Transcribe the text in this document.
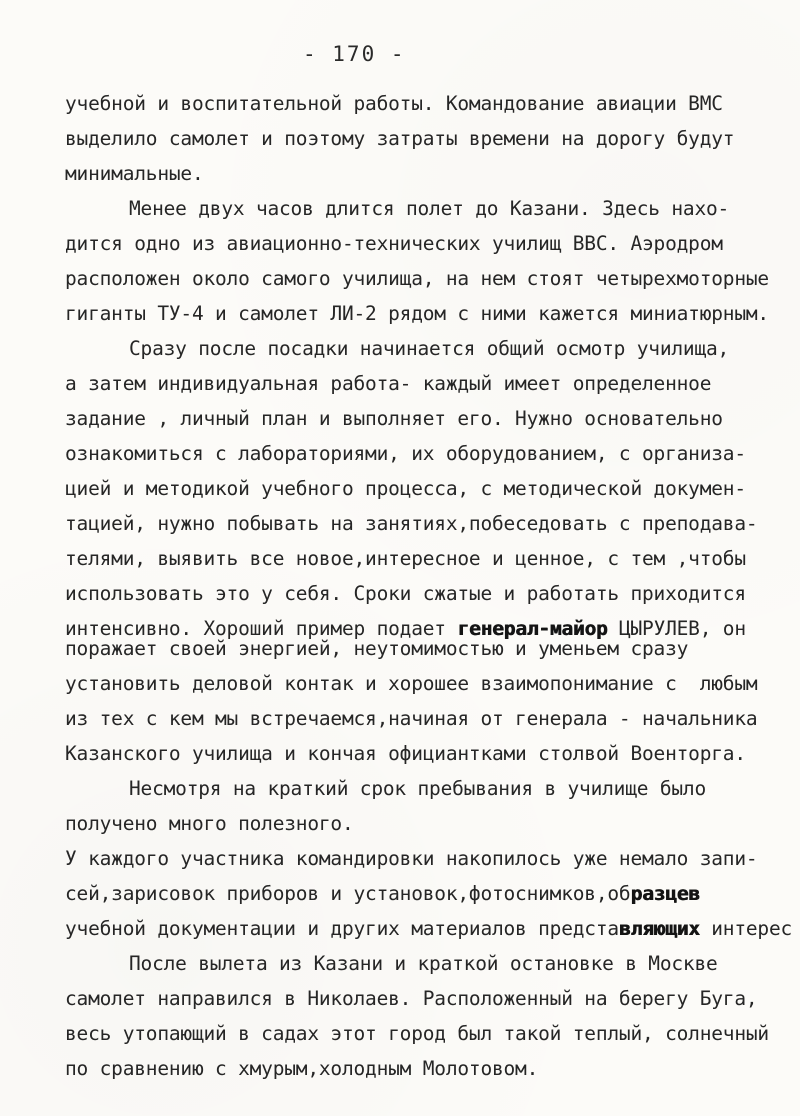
- 170 -
учебной и воспитательной работы. Командование авиации ВМС
выделило самолет и поэтому затраты времени на дорогу будут
минимальные.
Менее двух часов длится полет до Казани. Здесь нахо-
дится одно из авиационно-технических училищ ВВС. Аэродром
расположен около самого училища, на нем стоят четырехмоторные
гиганты ТУ-4 и самолет ЛИ-2 рядом с ними кажется миниатюрным.
Сразу после посадки начинается общий осмотр училища,
а затем индивидуальная работа- каждый имеет определенное
задание , личный план и выполняет его. Нужно основательно
ознакомиться с лабораториями, их оборудованием, с организа-
цией и методикой учебного процесса, с методической докумен-
тацией, нужно побывать на занятиях,побеседовать с преподава-
телями, выявить все новое,интересное и ценное, с тем ,чтобы
использовать это у себя. Сроки сжатые и работать приходится
интенсивно. Хороший пример подает генерал-майор ЦЫРУЛЕВ, он
поражает своей энергией, неутомимостью и уменьем сразу
установить деловой контак и хорошее взаимопонимание с  любым
из тех с кем мы встречаемся,начиная от генерала - начальника
Казанского училища и кончая официантками столвой Военторга.
Несмотря на краткий срок пребывания в училище было
получено много полезного.
У каждого участника командировки накопилось уже немало запи-
сей,зарисовок приборов и установок,фотоснимков,образцев
учебной документации и других материалов представляющих интерес
После вылета из Казани и краткой остановке в Москве
самолет направился в Николаев. Расположенный на берегу Буга,
весь утопающий в садах этот город был такой теплый, солнечный
по сравнению с хмурым,холодным Молотовом.
